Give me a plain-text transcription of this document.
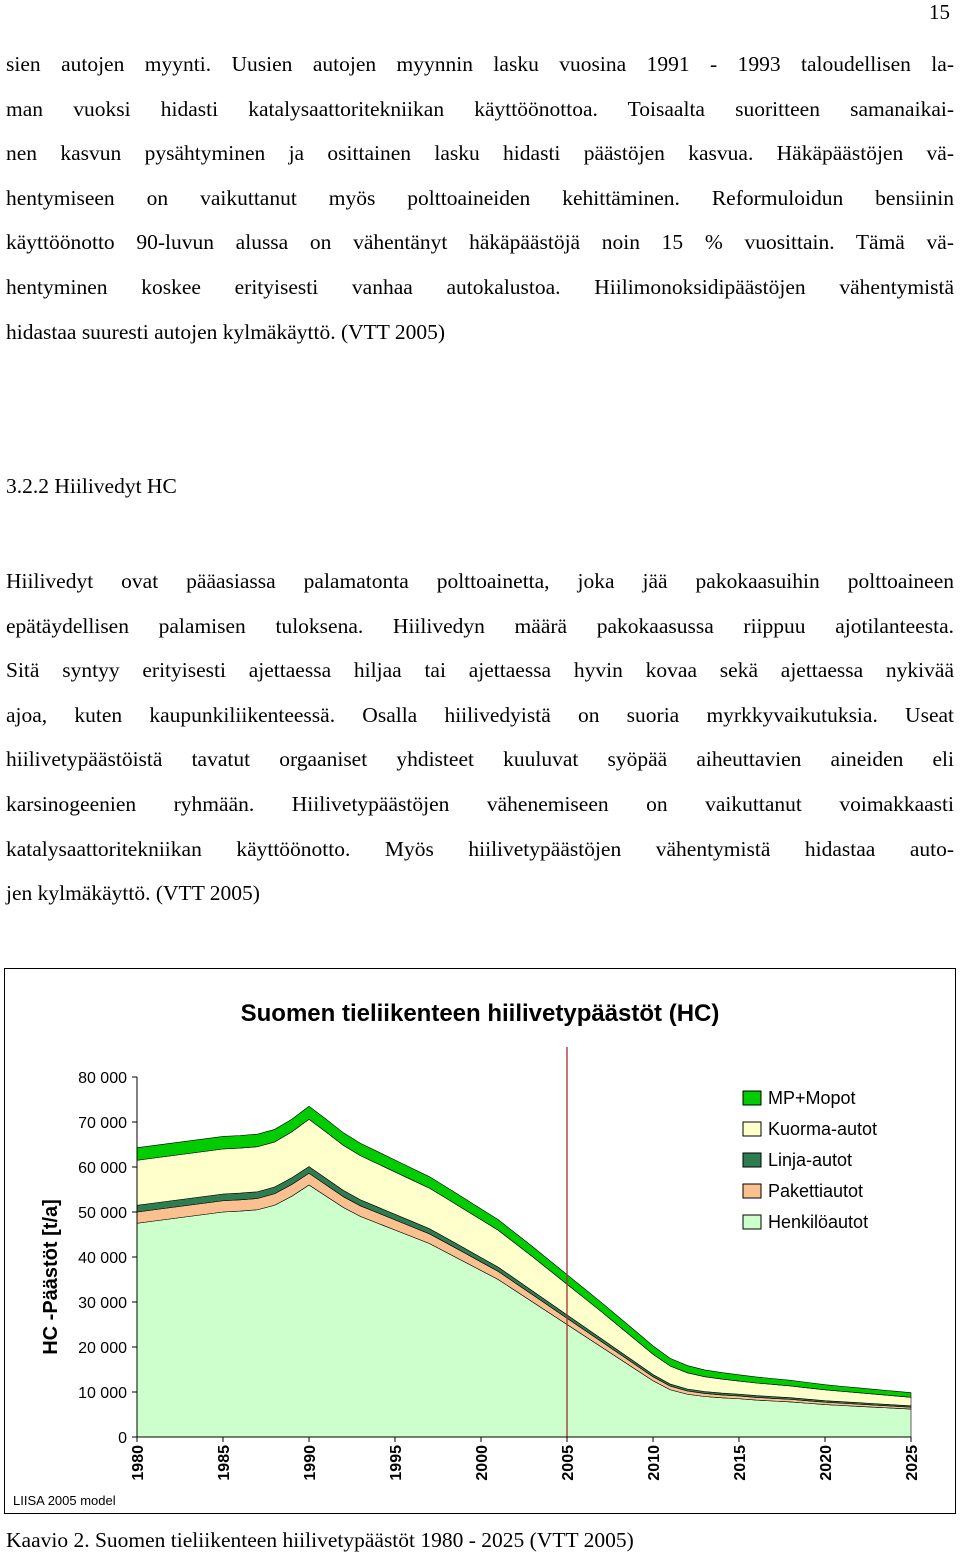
15
sien autojen myynti. Uusien autojen myynnin lasku vuosina 1991 - 1993 taloudellisen la-
man vuoksi hidasti katalysaattoritekniikan käyttöönottoa. Toisaalta suoritteen samanaikai-
nen kasvun pysähtyminen ja osittainen lasku hidasti päästöjen kasvua. Häkäpäästöjen vä-
hentymiseen on vaikuttanut myös polttoaineiden kehittäminen. Reformuloidun bensiinin
käyttöönotto 90-luvun alussa on vähentänyt häkäpäästöjä noin 15 % vuosittain. Tämä vä-
hentyminen koskee erityisesti vanhaa autokalustoa. Hiilimonoksidipäästöjen vähentymistä
hidastaa suuresti autojen kylmäkäyttö. (VTT 2005)
3.2.2 Hiilivedyt HC
Hiilivedyt ovat pääasiassa palamatonta polttoainetta, joka jää pakokaasuihin polttoaineen
epätäydellisen palamisen tuloksena. Hiilivedyn määrä pakokaasussa riippuu ajotilanteesta.
Sitä syntyy erityisesti ajettaessa hiljaa tai ajettaessa hyvin kovaa sekä ajettaessa nykivää
ajoa, kuten kaupunkiliikenteessä. Osalla hiilivedyistä on suoria myrkkyvaikutuksia. Useat
hiilivetypäästöistä tavatut orgaaniset yhdisteet kuuluvat syöpää aiheuttavien aineiden eli
karsinogeenien ryhmään. Hiilivetypäästöjen vähenemiseen on vaikuttanut voimakkaasti
katalysaattoritekniikan käyttöönotto. Myös hiilivetypäästöjen vähentymistä hidastaa auto-
jen kylmäkäyttö. (VTT 2005)
Suomen tieliikenteen hiilivetypäästöt (HC)
0
10 000
20 000
30 000
40 000
50 000
60 000
70 000
80 000
1980	1985	1990	1995	2000	2005	2010	2015	2020	2025
HC -Päästöt [t/a]
LIISA 2005 model
MP+Mopot
Kuorma-autot
Linja-autot
Pakettiautot
Henkilöautot
Kaavio 2. Suomen tieliikenteen hiilivetypäästöt 1980 - 2025 (VTT 2005)
